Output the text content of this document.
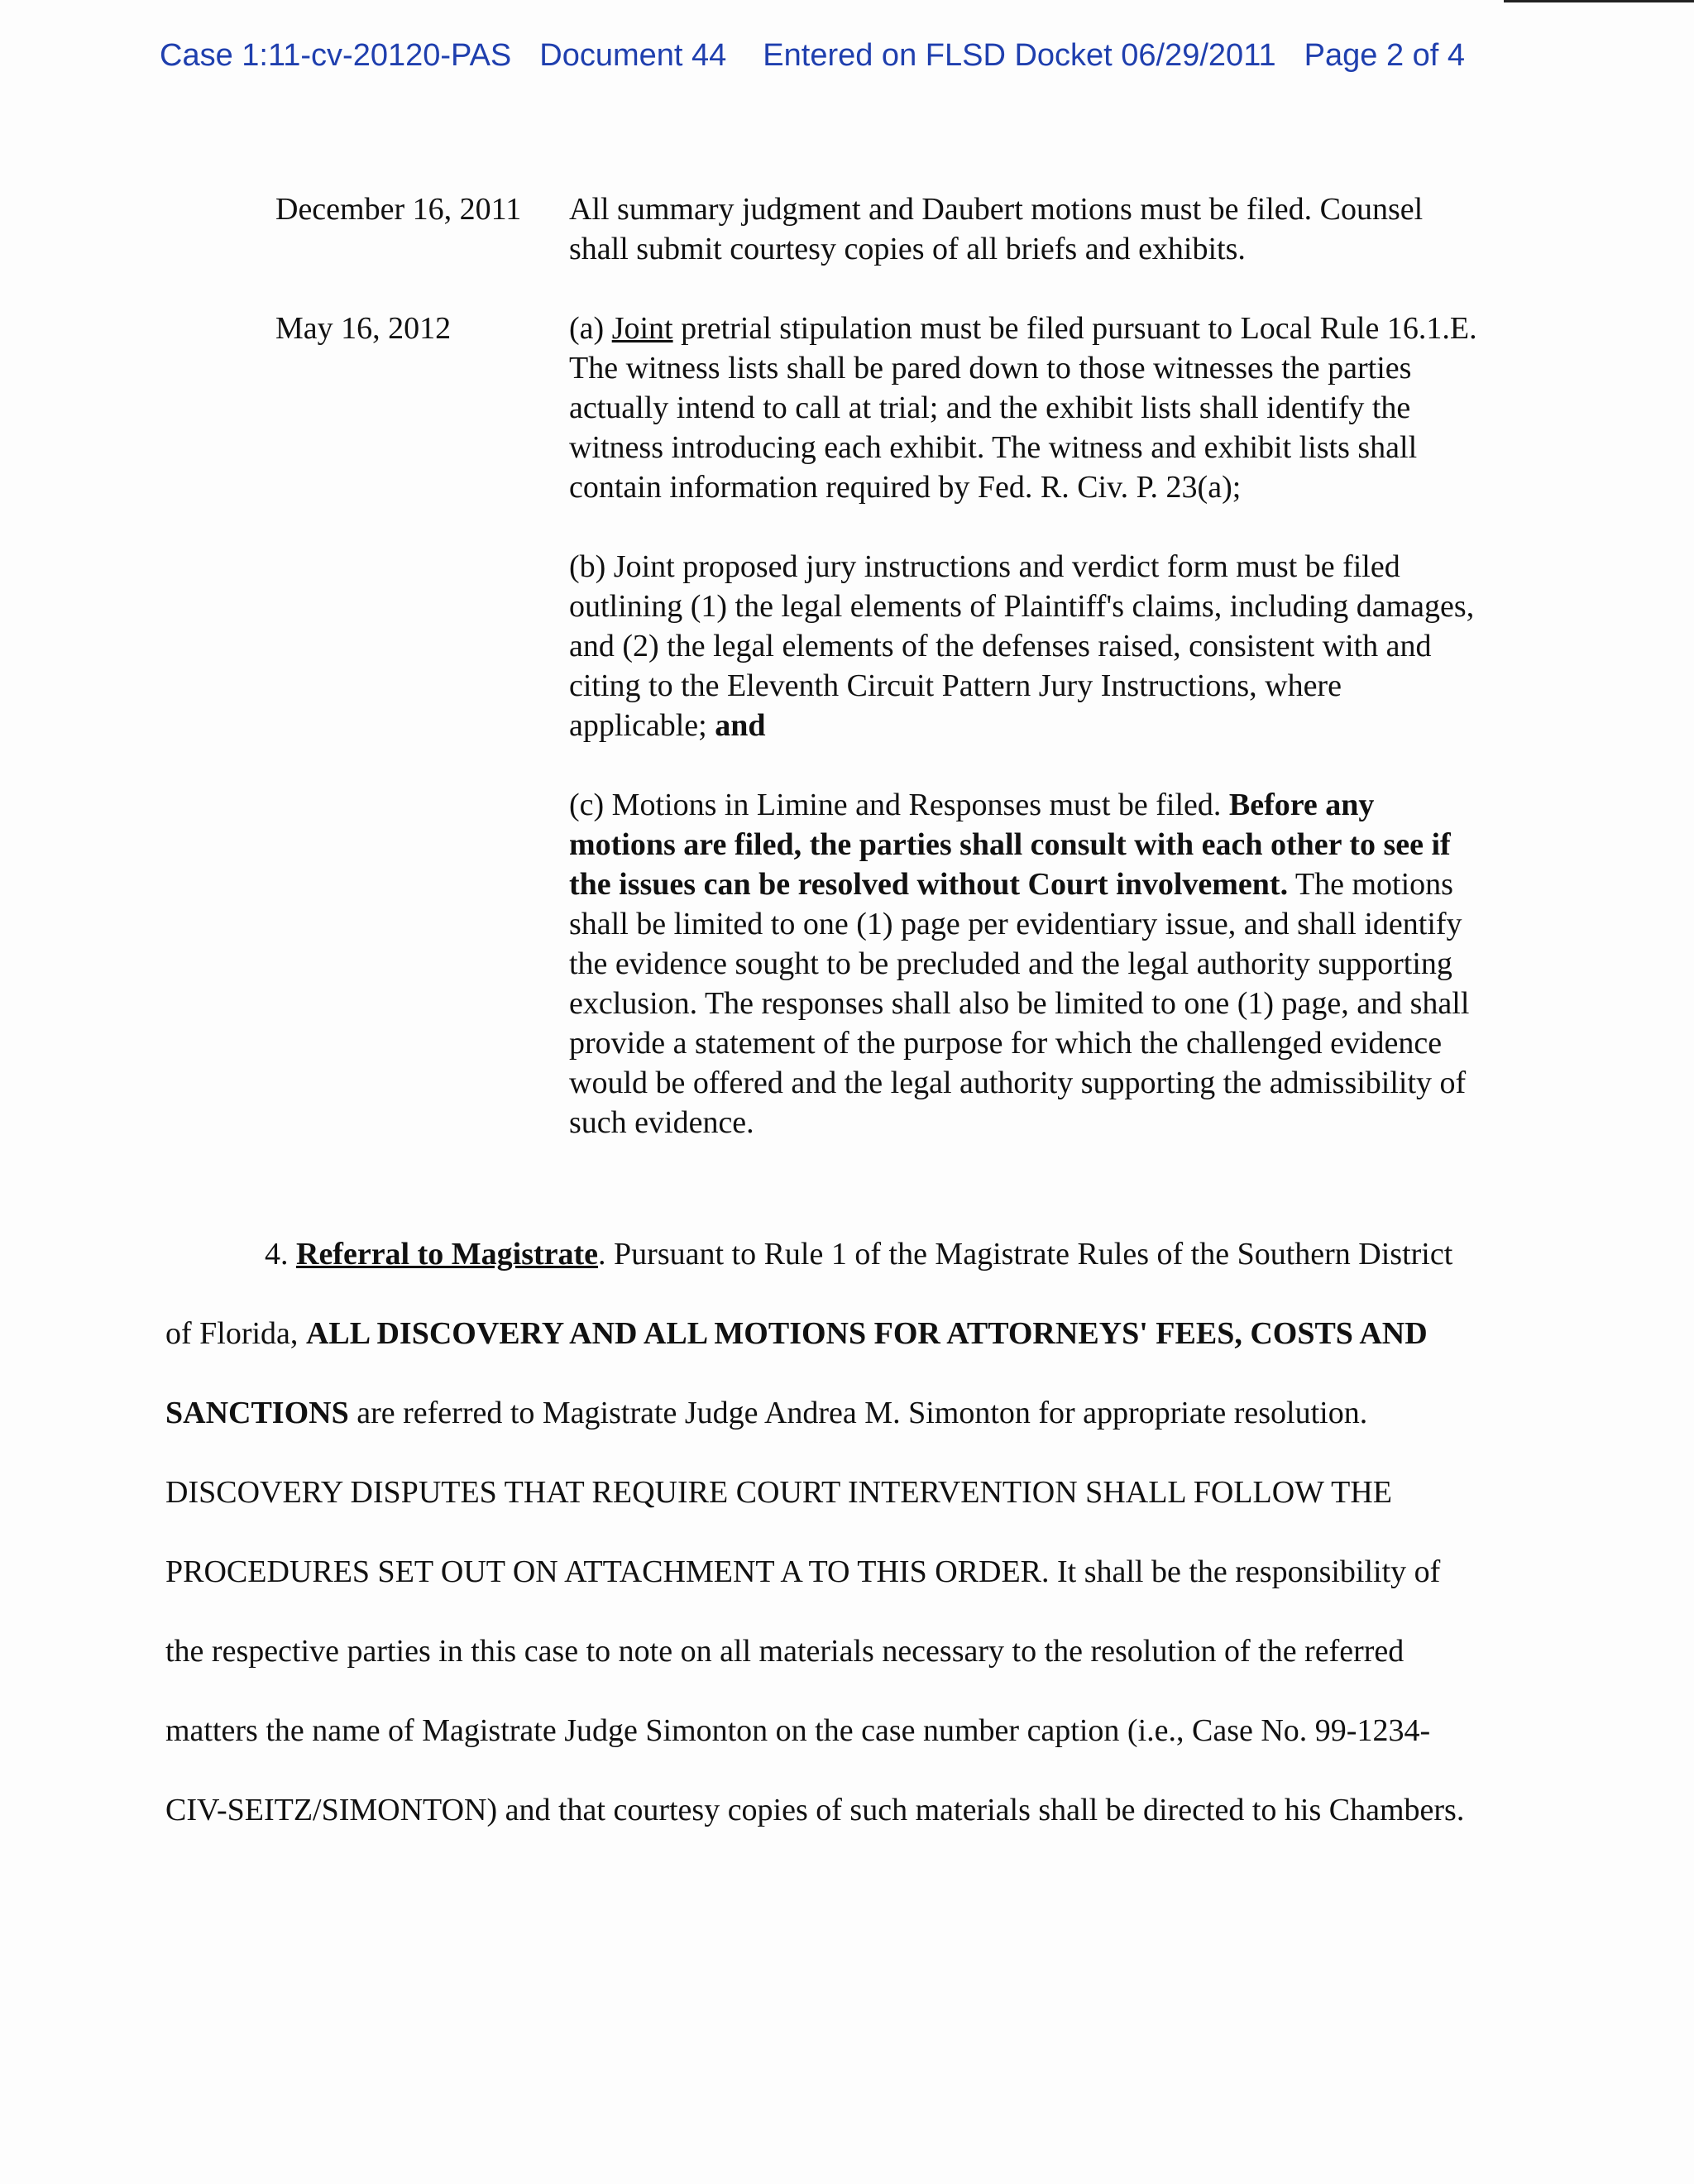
Case 1:11-cv-20120-PAS Document 44 Entered on FLSD Docket 06/29/2011 Page 2 of 4
December 16, 2011	All summary judgment and Daubert motions must be filed. Counsel shall submit courtesy copies of all briefs and exhibits.

May 16, 2012	(a) Joint pretrial stipulation must be filed pursuant to Local Rule 16.1.E. The witness lists shall be pared down to those witnesses the parties actually intend to call at trial; and the exhibit lists shall identify the witness introducing each exhibit. The witness and exhibit lists shall contain information required by Fed. R. Civ. P. 23(a);

(b) Joint proposed jury instructions and verdict form must be filed outlining (1) the legal elements of Plaintiff's claims, including damages, and (2) the legal elements of the defenses raised, consistent with and citing to the Eleventh Circuit Pattern Jury Instructions, where applicable; and

(c) Motions in Limine and Responses must be filed. Before any motions are filed, the parties shall consult with each other to see if the issues can be resolved without Court involvement. The motions shall be limited to one (1) page per evidentiary issue, and shall identify the evidence sought to be precluded and the legal authority supporting exclusion. The responses shall also be limited to one (1) page, and shall provide a statement of the purpose for which the challenged evidence would be offered and the legal authority supporting the admissibility of such evidence.

4. Referral to Magistrate. Pursuant to Rule 1 of the Magistrate Rules of the Southern District of Florida, ALL DISCOVERY AND ALL MOTIONS FOR ATTORNEYS' FEES, COSTS AND SANCTIONS are referred to Magistrate Judge Andrea M. Simonton for appropriate resolution. DISCOVERY DISPUTES THAT REQUIRE COURT INTERVENTION SHALL FOLLOW THE PROCEDURES SET OUT ON ATTACHMENT A TO THIS ORDER. It shall be the responsibility of the respective parties in this case to note on all materials necessary to the resolution of the referred matters the name of Magistrate Judge Simonton on the case number caption (i.e., Case No. 99-1234-CIV-SEITZ/SIMONTON) and that courtesy copies of such materials shall be directed to his Chambers.
